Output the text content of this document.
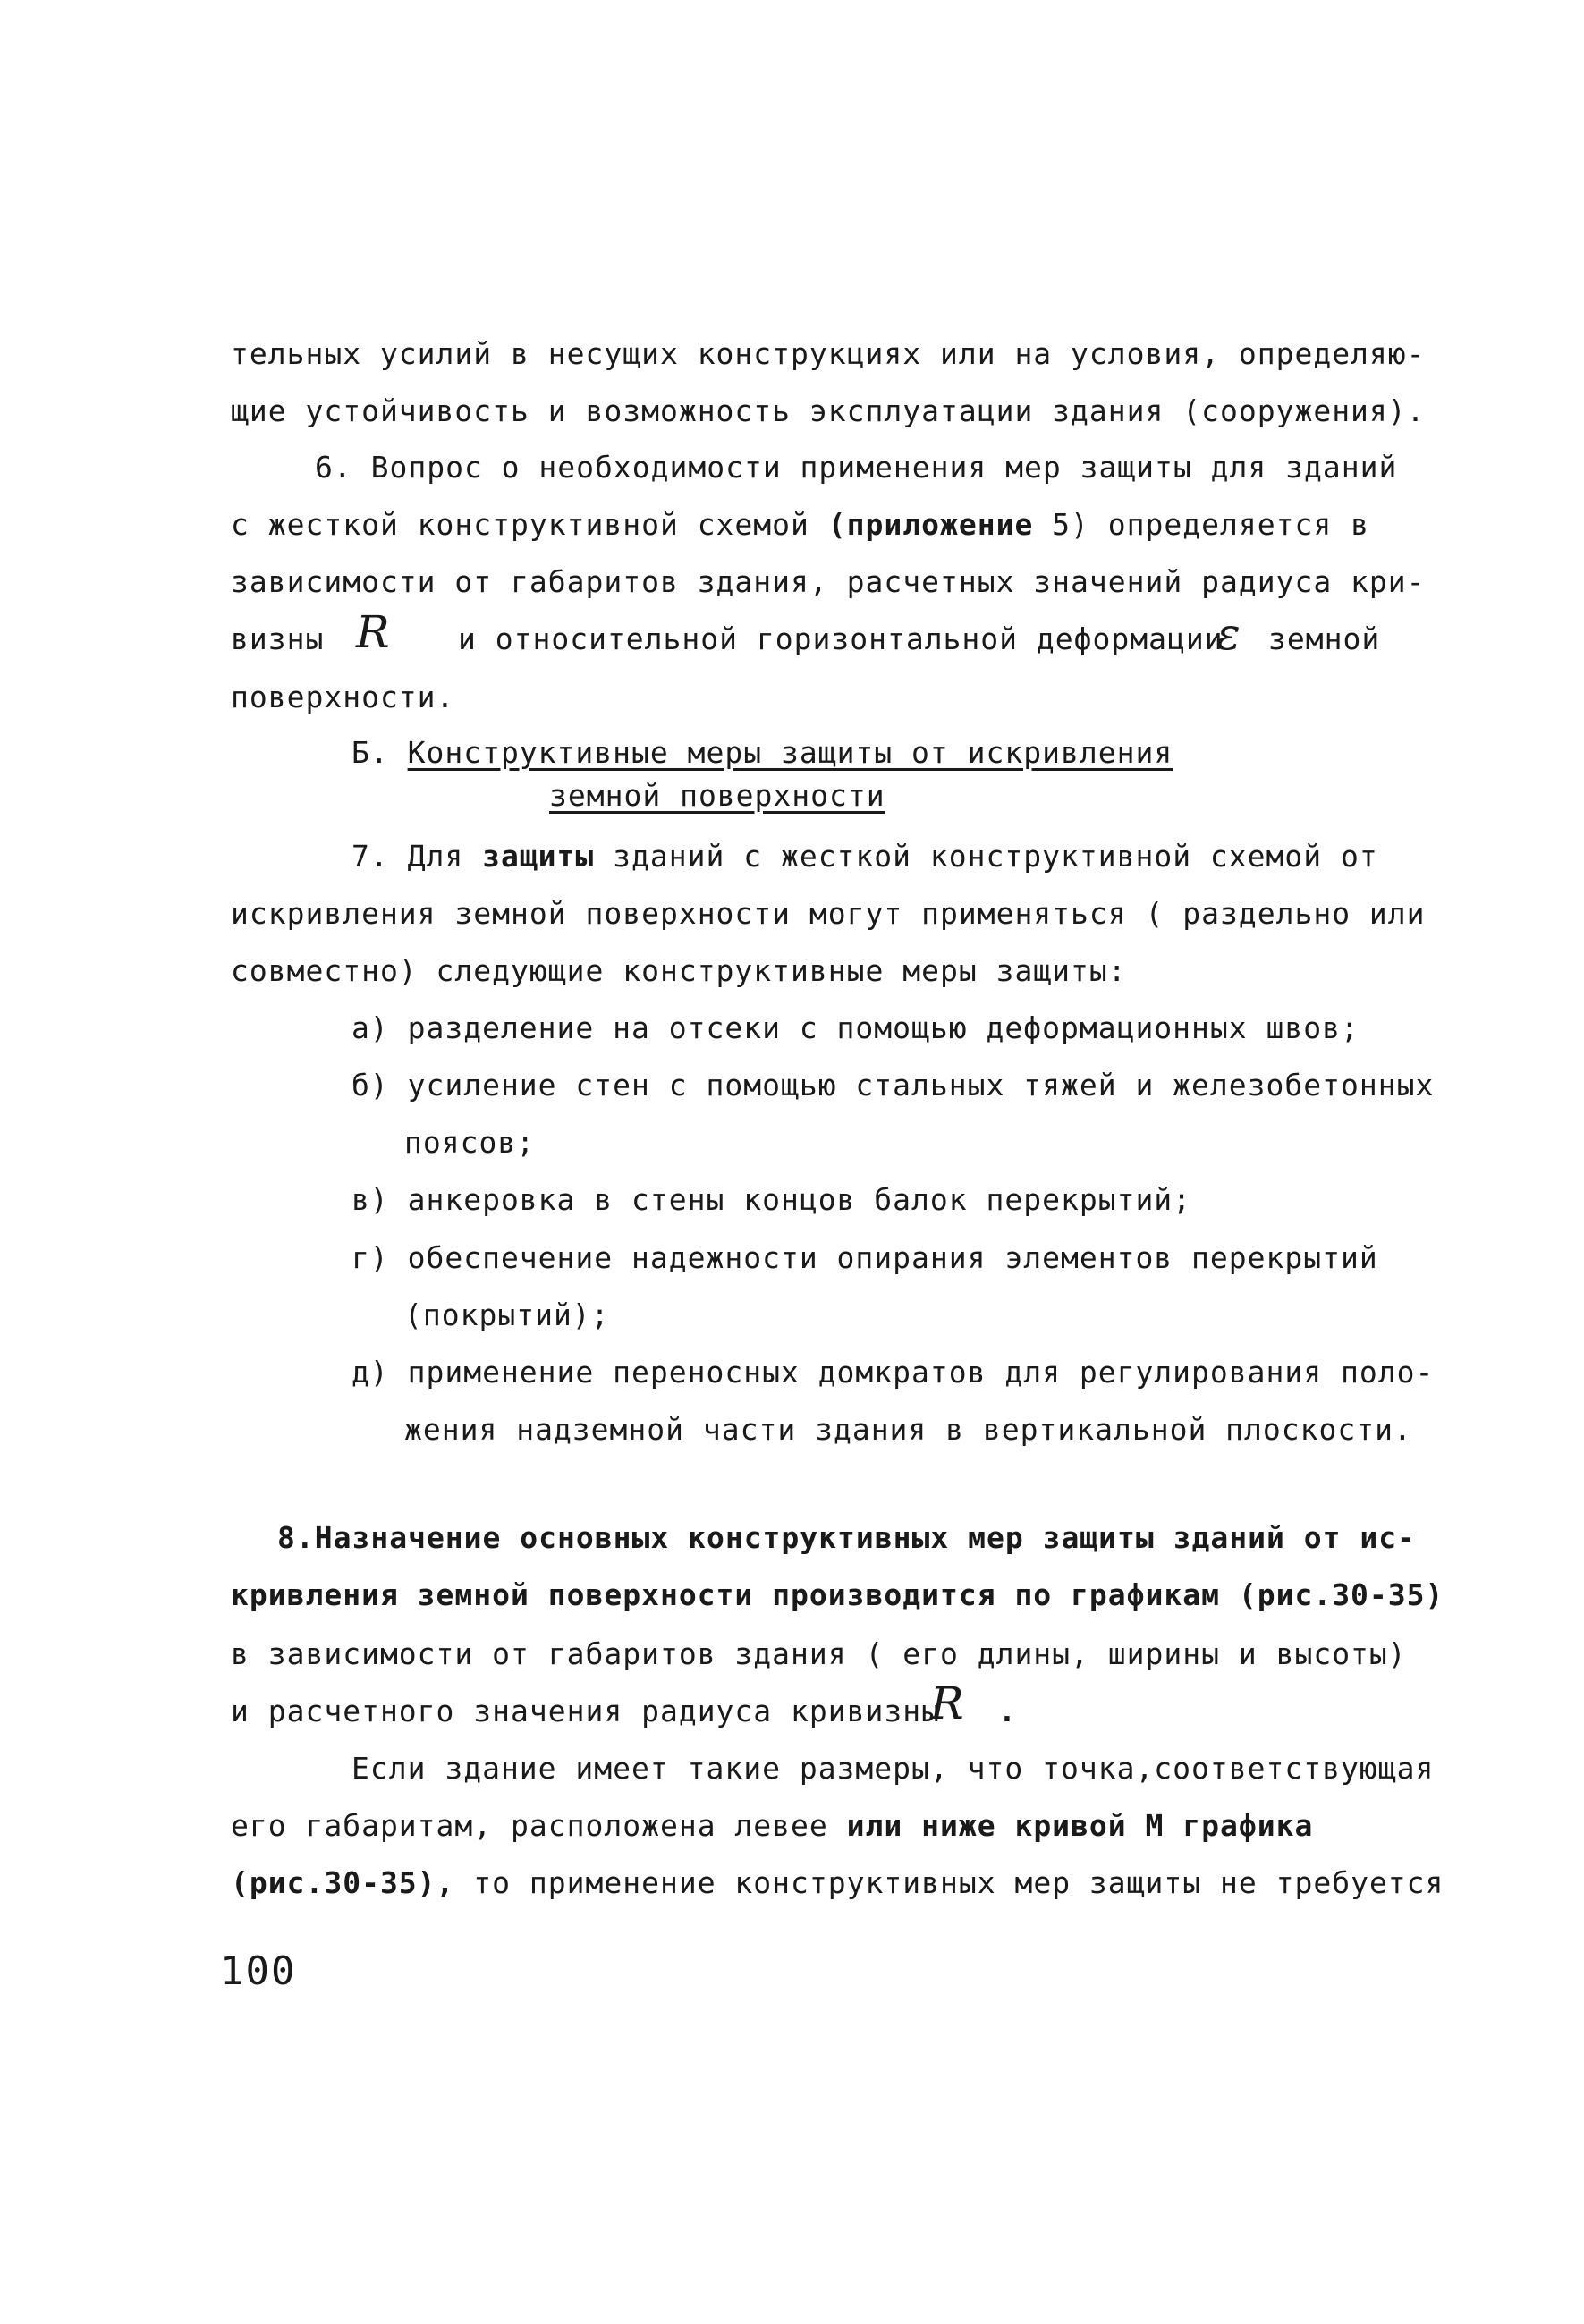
тельных усилий в несущих конструкциях или на условия, определяю-
щие устойчивость и возможность эксплуатации здания (сооружения).
6. Вопрос о необходимости применения мер защиты для зданий
с жесткой конструктивной схемой (приложение 5) определяется в
зависимости от габаритов здания, расчетных значений радиуса кри-
визны R и относительной горизонтальной деформации
ε земной
поверхности.
Б. Конструктивные меры защиты от искривления
земной поверхности
7. Для защиты зданий с жесткой конструктивной схемой от
искривления земной поверхности могут применяться ( раздельно или
совместно) следующие конструктивные меры защиты:
а) разделение на отсеки с помощью деформационных швов;
б) усиление стен с помощью стальных тяжей и железобетонных
поясов;
в) анкеровка в стены концов балок перекрытий;
г) обеспечение надежности опирания элементов перекрытий
(покрытий);
д) применение переносных домкратов для регулирования поло-
жения надземной части здания в вертикальной плоскости.
8.Назначение основных конструктивных мер защиты зданий от ис-
кривления земной поверхности производится по графикам (рис.30-35)
в зависимости от габаритов здания ( его длины, ширины и высоты)
и расчетного значения радиуса кривизны
R .
Если здание имеет такие размеры, что точка,соответствующая
его габаритам, расположена левее или ниже кривой М графика
(рис.30-35), то применение конструктивных мер защиты не требуется
100
